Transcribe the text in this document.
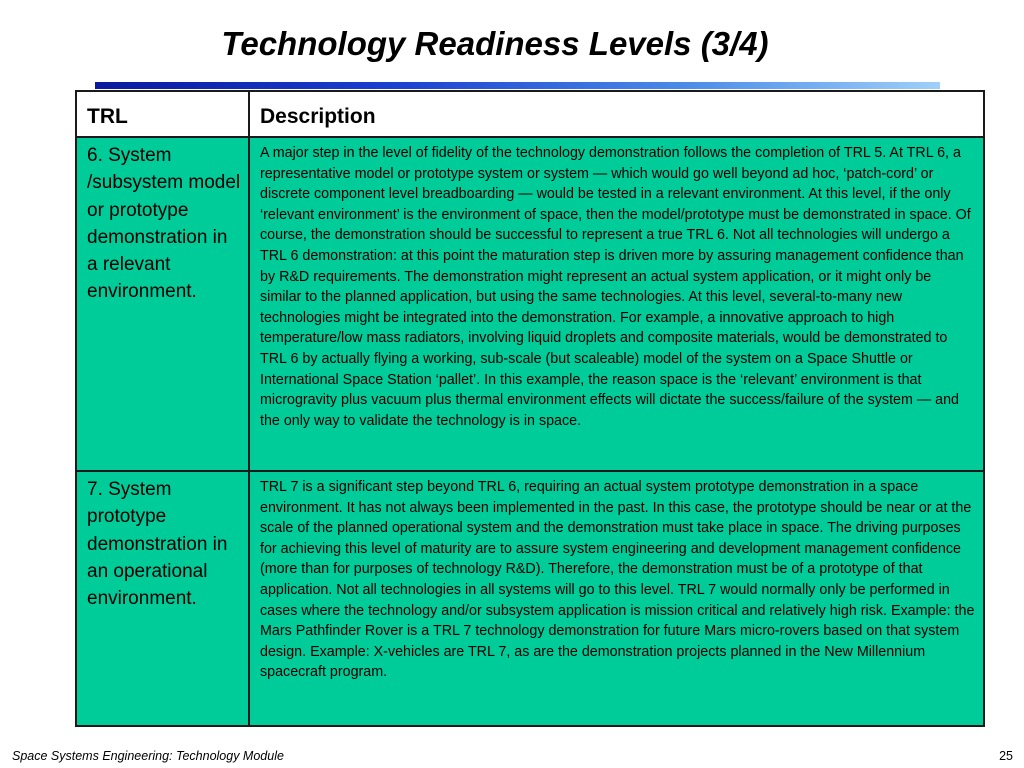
Technology Readiness Levels (3/4)
TRL	Description
6. System /subsystem model or prototype demonstration in a relevant environment.	A major step in the level of fidelity of the technology demonstration follows the completion of TRL 5. At TRL 6, a representative model or prototype system or system — which would go well beyond ad hoc, ‘patch-cord’ or discrete component level breadboarding — would be tested in a relevant environment. At this level, if the only ‘relevant environment’ is the environment of space, then the model/prototype must be demonstrated in space. Of course, the demonstration should be successful to represent a true TRL 6. Not all technologies will undergo a TRL 6 demonstration: at this point the maturation step is driven more by assuring management confidence than by R&D requirements. The demonstration might represent an actual system application, or it might only be similar to the planned application, but using the same technologies. At this level, several-to-many new technologies might be integrated into the demonstration. For example, a innovative approach to high temperature/low mass radiators, involving liquid droplets and composite materials, would be demonstrated to TRL 6 by actually flying a working, sub-scale (but scaleable) model of the system on a Space Shuttle or International Space Station ‘pallet’. In this example, the reason space is the ‘relevant’ environment is that microgravity plus vacuum plus thermal environment effects will dictate the success/failure of the system — and the only way to validate the technology is in space.
7. System prototype demonstration in an operational environment.	TRL 7 is a significant step beyond TRL 6, requiring an actual system prototype demonstration in a space environment. It has not always been implemented in the past. In this case, the prototype should be near or at the scale of the planned operational system and the demonstration must take place in space. The driving purposes for achieving this level of maturity are to assure system engineering and development management confidence (more than for purposes of technology R&D). Therefore, the demonstration must be of a prototype of that application. Not all technologies in all systems will go to this level. TRL 7 would normally only be performed in cases where the technology and/or subsystem application is mission critical and relatively high risk. Example: the Mars Pathfinder Rover is a TRL 7 technology demonstration for future Mars micro-rovers based on that system design. Example: X-vehicles are TRL 7, as are the demonstration projects planned in the New Millennium spacecraft program.
Space Systems Engineering: Technology Module	25
